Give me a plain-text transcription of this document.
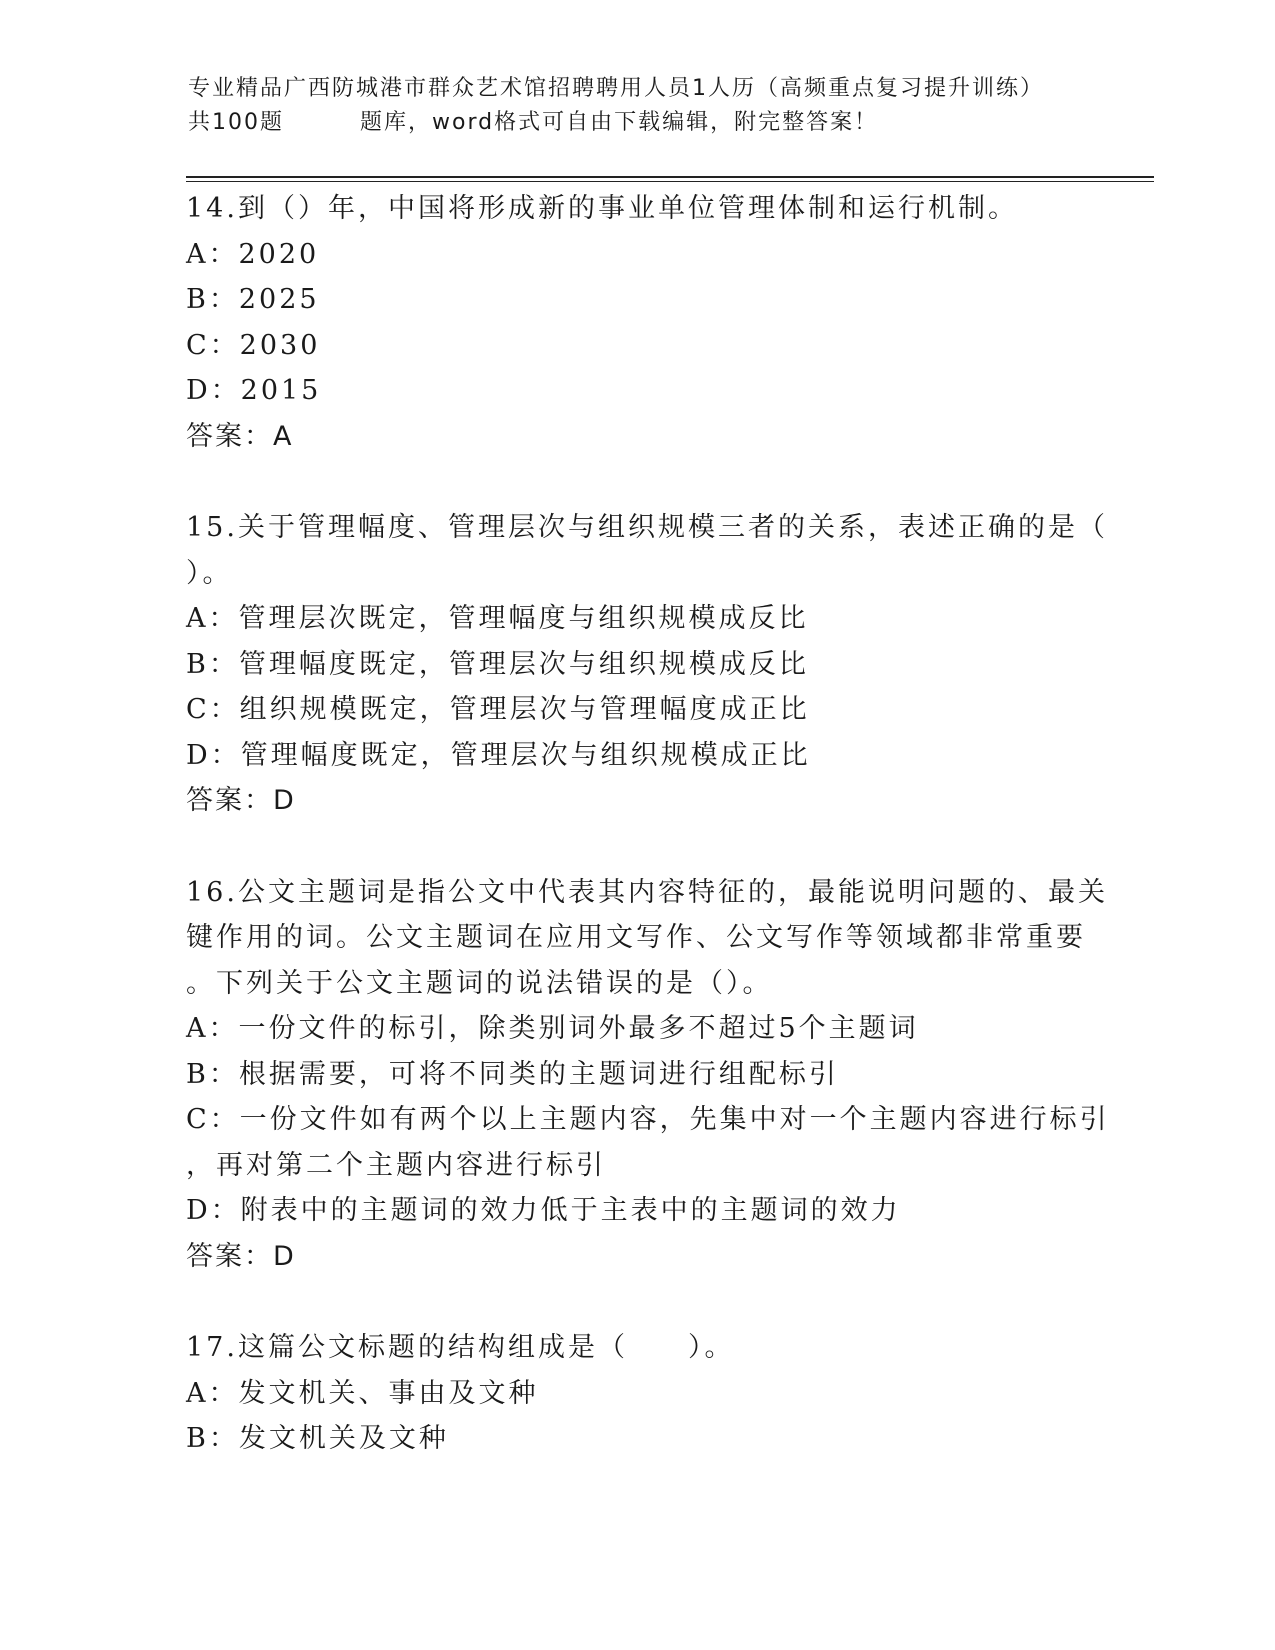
专业精品广西防城港市群众艺术馆招聘聘用人员1人历（高频重点复习提升训练）
共100题	题库，word格式可自由下载编辑，附完整答案！
14.到（）年，中国将形成新的事业单位管理体制和运行机制。
A：2020
B：2025
C：2030
D：2015
答案：A
15.关于管理幅度、管理层次与组织规模三者的关系，表述正确的是（
）。
A：管理层次既定，管理幅度与组织规模成反比
B：管理幅度既定，管理层次与组织规模成反比
C：组织规模既定，管理层次与管理幅度成正比
D：管理幅度既定，管理层次与组织规模成正比
答案：D
16.公文主题词是指公文中代表其内容特征的，最能说明问题的、最关
键作用的词。公文主题词在应用文写作、公文写作等领域都非常重要
。下列关于公文主题词的说法错误的是（）。
A：一份文件的标引，除类别词外最多不超过5个主题词
B：根据需要，可将不同类的主题词进行组配标引
C：一份文件如有两个以上主题内容，先集中对一个主题内容进行标引
，再对第二个主题内容进行标引
D：附表中的主题词的效力低于主表中的主题词的效力
答案：D
17.这篇公文标题的结构组成是（　　）。
A：发文机关、事由及文种
B：发文机关及文种
